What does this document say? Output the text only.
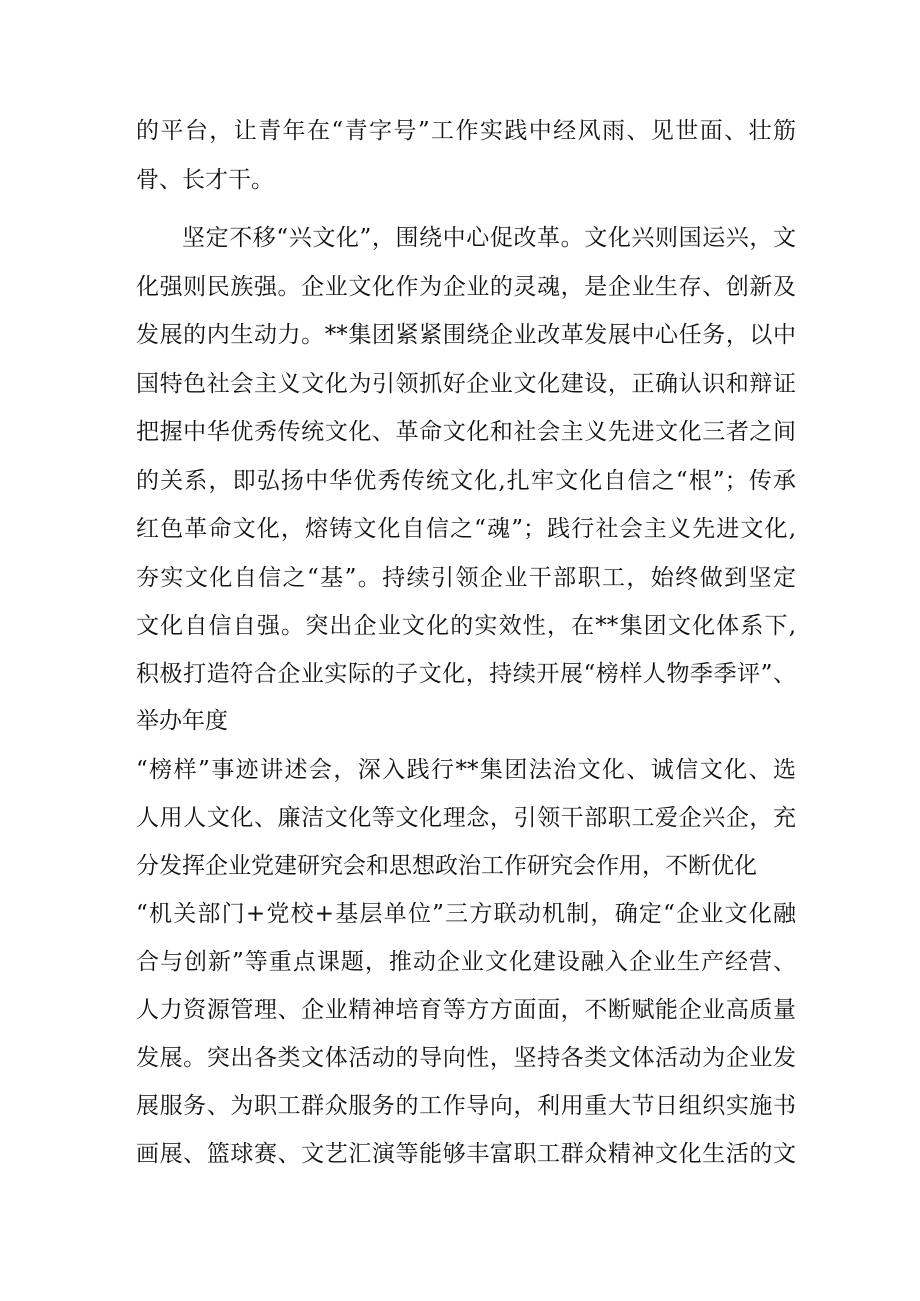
的平台，让青年在“青字号”工作实践中经风雨、见世面、壮筋
骨、长才干。
坚定不移“兴文化”，围绕中心促改革。文化兴则国运兴，文
化强则民族强。企业文化作为企业的灵魂，是企业生存、创新及
发展的内生动力。**集团紧紧围绕企业改革发展中心任务，以中
国特色社会主义文化为引领抓好企业文化建设，正确认识和辩证
把握中华优秀传统文化、革命文化和社会主义先进文化三者之间
的关系，即弘扬中华优秀传统文化,扎牢文化自信之“根”；传承
红色革命文化，熔铸文化自信之“魂”；践行社会主义先进文化,
夯实文化自信之“基”。持续引领企业干部职工，始终做到坚定
文化自信自强。突出企业文化的实效性，在**集团文化体系下,
积极打造符合企业实际的子文化，持续开展“榜样人物季季评”、
举办年度
“榜样”事迹讲述会，深入践行**集团法治文化、诚信文化、选
人用人文化、廉洁文化等文化理念，引领干部职工爱企兴企，充
分发挥企业党建研究会和思想政治工作研究会作用，不断优化
“机关部门+党校+基层单位”三方联动机制，确定“企业文化融
合与创新”等重点课题，推动企业文化建设融入企业生产经营、
人力资源管理、企业精神培育等方方面面，不断赋能企业高质量
发展。突出各类文体活动的导向性，坚持各类文体活动为企业发
展服务、为职工群众服务的工作导向，利用重大节日组织实施书
画展、篮球赛、文艺汇演等能够丰富职工群众精神文化生活的文
